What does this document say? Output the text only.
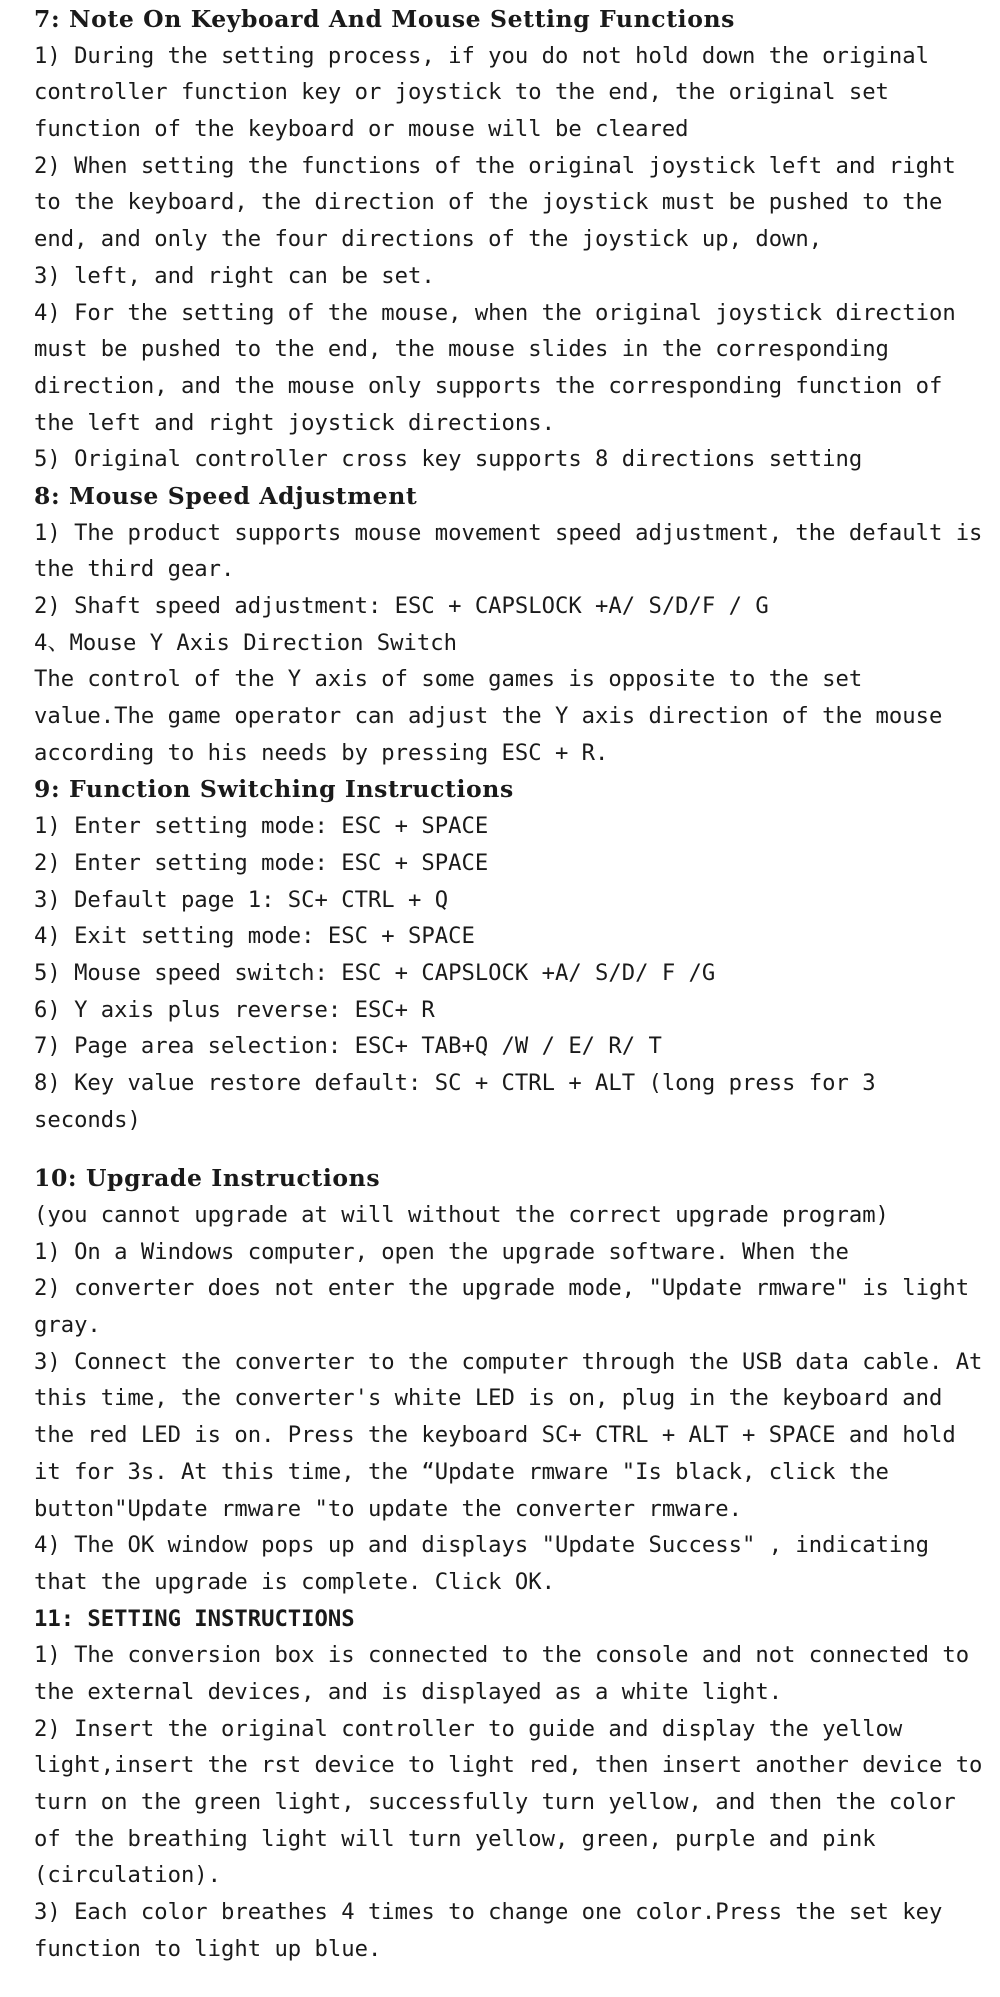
7: Note On Keyboard And Mouse Setting Functions
1) During the setting process, if you do not hold down the original
controller function key or joystick to the end, the original set
function of the keyboard or mouse will be cleared
2) When setting the functions of the original joystick left and right
to the keyboard, the direction of the joystick must be pushed to the
end, and only the four directions of the joystick up, down,
3) left, and right can be set.
4) For the setting of the mouse, when the original joystick direction
must be pushed to the end, the mouse slides in the corresponding
direction, and the mouse only supports the corresponding function of
the left and right joystick directions.
5) Original controller cross key supports 8 directions setting
8: Mouse Speed Adjustment
1) The product supports mouse movement speed adjustment, the default is
the third gear.
2) Shaft speed adjustment: ESC + CAPSLOCK +A/ S/D/F / G
4、Mouse Y Axis Direction Switch
The control of the Y axis of some games is opposite to the set
value.The game operator can adjust the Y axis direction of the mouse
according to his needs by pressing ESC + R.
9: Function Switching Instructions
1) Enter setting mode: ESC + SPACE
2) Enter setting mode: ESC + SPACE
3) Default page 1: SC+ CTRL + Q
4) Exit setting mode: ESC + SPACE
5) Mouse speed switch: ESC + CAPSLOCK +A/ S/D/ F /G
6) Y axis plus reverse: ESC+ R
7) Page area selection: ESC+ TAB+Q /W / E/ R/ T
8) Key value restore default: SC + CTRL + ALT (long press for 3
seconds)
10: Upgrade Instructions
(you cannot upgrade at will without the correct upgrade program)
1) On a Windows computer, open the upgrade software. When the
2) converter does not enter the upgrade mode, "Update rmware" is light
gray.
3) Connect the converter to the computer through the USB data cable. At
this time, the converter's white LED is on, plug in the keyboard and
the red LED is on. Press the keyboard SC+ CTRL + ALT + SPACE and hold
it for 3s. At this time, the “Update rmware "Is black, click the
button"Update rmware "to update the converter rmware.
4) The OK window pops up and displays "Update Success" , indicating
that the upgrade is complete. Click OK.
11: SETTING INSTRUCTIONS
1) The conversion box is connected to the console and not connected to
the external devices, and is displayed as a white light.
2) Insert the original controller to guide and display the yellow
light,insert the rst device to light red, then insert another device to
turn on the green light, successfully turn yellow, and then the color
of the breathing light will turn yellow, green, purple and pink
(circulation).
3) Each color breathes 4 times to change one color.Press the set key
function to light up blue.
